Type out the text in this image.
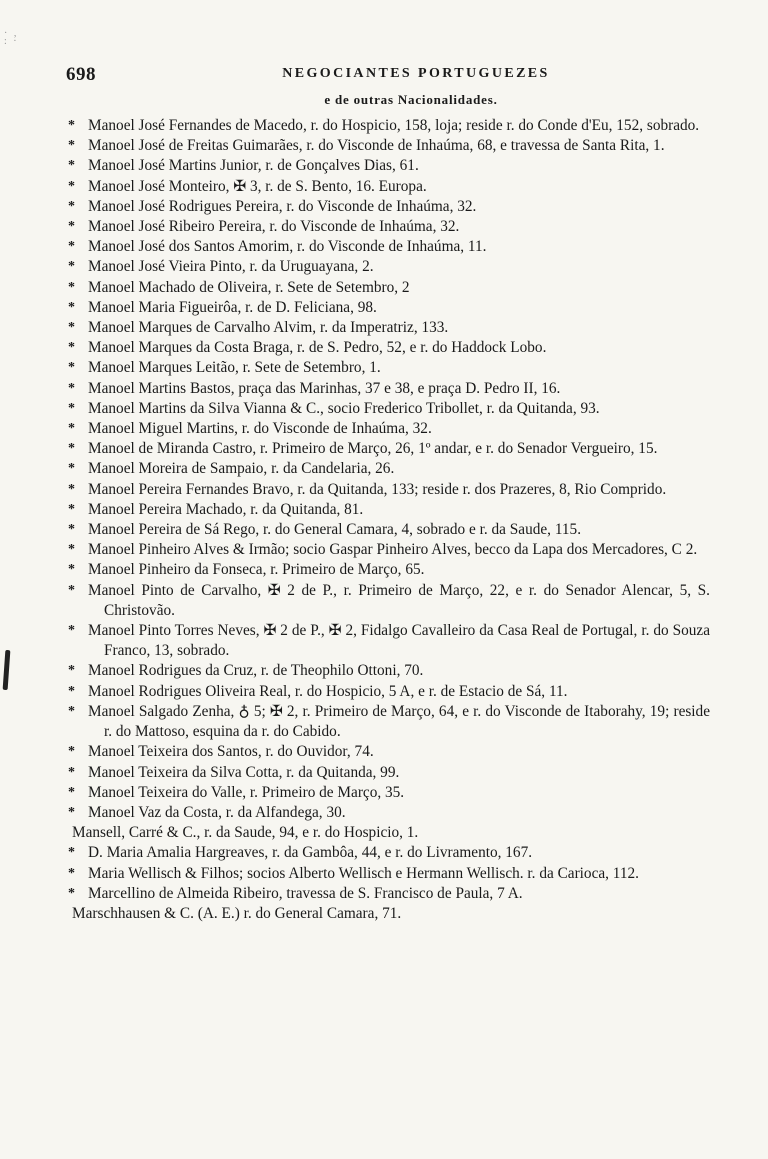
· , : ·
698	NEGOCIANTES PORTUGUEZES
e de outras Nacionalidades.
* Manoel José Fernandes de Macedo, r. do Hospicio, 158, loja; reside r. do Conde d'Eu, 152, sobrado.
* Manoel José de Freitas Guimarães, r. do Visconde de Inhaúma, 68, e travessa de Santa Rita, 1.
* Manoel José Martins Junior, r. de Gonçalves Dias, 61.
* Manoel José Monteiro, ✠ 3, r. de S. Bento, 16. Europa.
* Manoel José Rodrigues Pereira, r. do Visconde de Inhaúma, 32.
* Manoel José Ribeiro Pereira, r. do Visconde de Inhaúma, 32.
* Manoel José dos Santos Amorim, r. do Visconde de Inhaúma, 11.
* Manoel José Vieira Pinto, r. da Uruguayana, 2.
* Manoel Machado de Oliveira, r. Sete de Setembro, 2
* Manoel Maria Figueirôa, r. de D. Feliciana, 98.
* Manoel Marques de Carvalho Alvim, r. da Imperatriz, 133.
* Manoel Marques da Costa Braga, r. de S. Pedro, 52, e r. do Haddock Lobo.
* Manoel Marques Leitão, r. Sete de Setembro, 1.
* Manoel Martins Bastos, praça das Marinhas, 37 e 38, e praça D. Pedro II, 16.
* Manoel Martins da Silva Vianna & C., socio Frederico Tribollet, r. da Quitanda, 93.
* Manoel Miguel Martins, r. do Visconde de Inhaúma, 32.
* Manoel de Miranda Castro, r. Primeiro de Março, 26, 1º andar, e r. do Senador Vergueiro, 15.
* Manoel Moreira de Sampaio, r. da Candelaria, 26.
* Manoel Pereira Fernandes Bravo, r. da Quitanda, 133; reside r. dos Prazeres, 8, Rio Comprido.
* Manoel Pereira Machado, r. da Quitanda, 81.
* Manoel Pereira de Sá Rego, r. do General Camara, 4, sobrado e r. da Saude, 115.
* Manoel Pinheiro Alves & Irmão; socio Gaspar Pinheiro Alves, becco da Lapa dos Mercadores, C 2.
* Manoel Pinheiro da Fonseca, r. Primeiro de Março, 65.
* Manoel Pinto de Carvalho, ✠ 2 de P., r. Primeiro de Março, 22, e r. do Senador Alencar, 5, S. Christovão.
* Manoel Pinto Torres Neves, ✠ 2 de P., ✠ 2, Fidalgo Cavalleiro da Casa Real de Portugal, r. do Souza Franco, 13, sobrado.
* Manoel Rodrigues da Cruz, r. de Theophilo Ottoni, 70.
* Manoel Rodrigues Oliveira Real, r. do Hospicio, 5 A, e r. de Estacio de Sá, 11.
* Manoel Salgado Zenha, ♁ 5; ✠ 2, r. Primeiro de Março, 64, e r. do Visconde de Itaborahy, 19; reside r. do Mattoso, esquina da r. do Cabido.
* Manoel Teixeira dos Santos, r. do Ouvidor, 74.
* Manoel Teixeira da Silva Cotta, r. da Quitanda, 99.
* Manoel Teixeira do Valle, r. Primeiro de Março, 35.
* Manoel Vaz da Costa, r. da Alfandega, 30.
Mansell, Carré & C., r. da Saude, 94, e r. do Hospicio, 1.
* D. Maria Amalia Hargreaves, r. da Gambôa, 44, e r. do Livramento, 167.
* Maria Wellisch & Filhos; socios Alberto Wellisch e Hermann Wellisch. r. da Carioca, 112.
* Marcellino de Almeida Ribeiro, travessa de S. Francisco de Paula, 7 A.
Marschhausen & C. (A. E.) r. do General Camara, 71.
